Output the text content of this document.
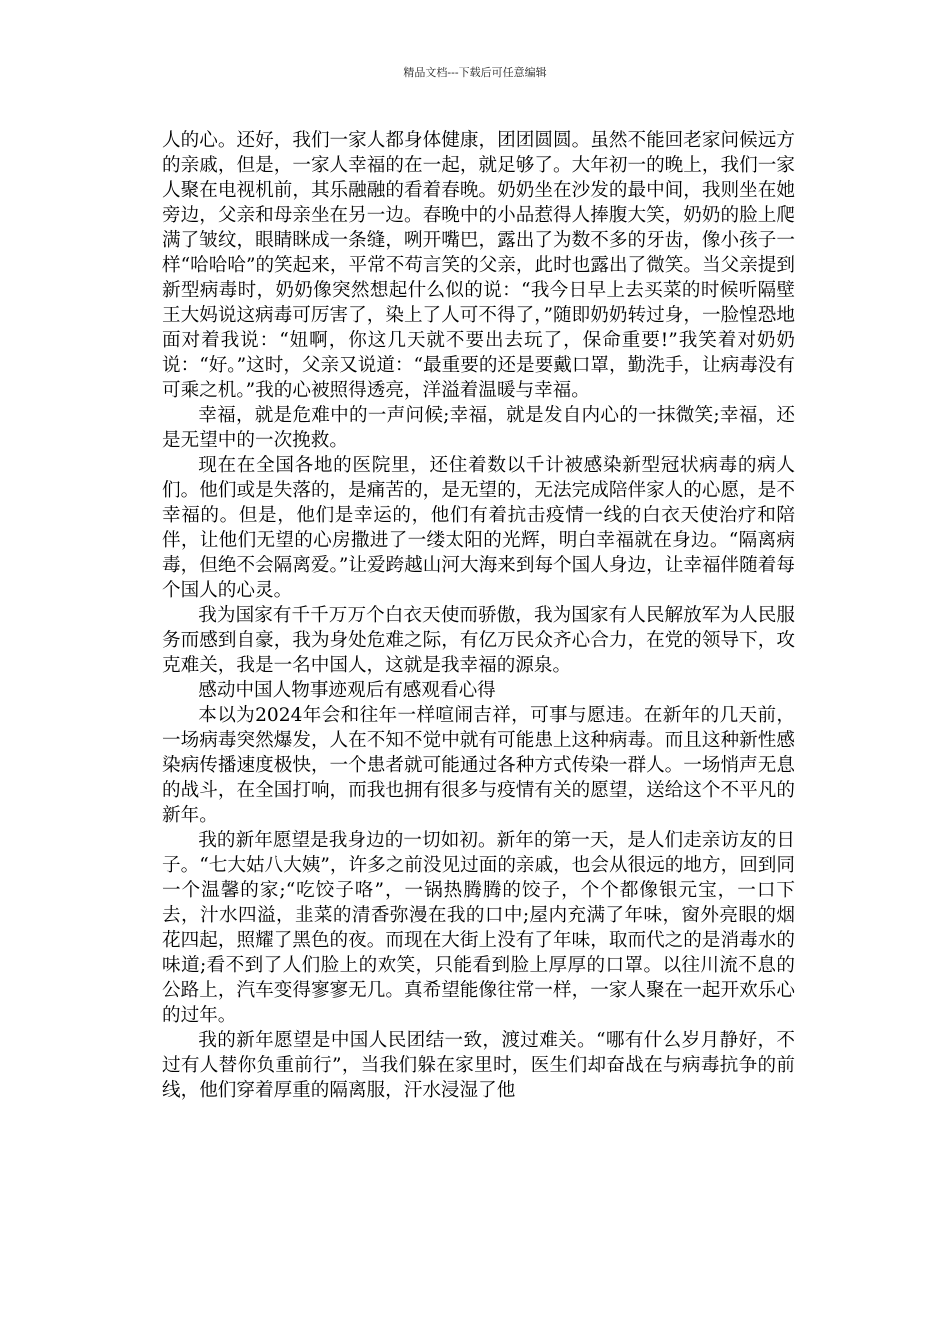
精品文档---下载后可任意编辑

人的心。还好，我们一家人都身体健康，团团圆圆。虽然不能回老家问候远方的亲戚，但是，一家人幸福的在一起，就足够了。大年初一的晚上，我们一家人聚在电视机前，其乐融融的看着春晚。奶奶坐在沙发的最中间，我则坐在她旁边，父亲和母亲坐在另一边。春晚中的小品惹得人捧腹大笑，奶奶的脸上爬满了皱纹，眼睛眯成一条缝，咧开嘴巴，露出了为数不多的牙齿，像小孩子一样“哈哈哈”的笑起来，平常不苟言笑的父亲，此时也露出了微笑。当父亲提到新型病毒时，奶奶像突然想起什么似的说：“我今日早上去买菜的时候听隔壁王大妈说这病毒可厉害了，染上了人可不得了，”随即奶奶转过身，一脸惶恐地面对着我说：“妞啊，你这几天就不要出去玩了，保命重要!”我笑着对奶奶说：“好。”这时，父亲又说道：“最重要的还是要戴口罩，勤洗手，让病毒没有可乘之机。”我的心被照得透亮，洋溢着温暖与幸福。

幸福，就是危难中的一声问候;幸福，就是发自内心的一抹微笑;幸福，还是无望中的一次挽救。

现在在全国各地的医院里，还住着数以千计被感染新型冠状病毒的病人们。他们或是失落的，是痛苦的，是无望的，无法完成陪伴家人的心愿，是不幸福的。但是，他们是幸运的，他们有着抗击疫情一线的白衣天使治疗和陪伴，让他们无望的心房撒进了一缕太阳的光辉，明白幸福就在身边。“隔离病毒，但绝不会隔离爱。”让爱跨越山河大海来到每个国人身边，让幸福伴随着每个国人的心灵。

我为国家有千千万万个白衣天使而骄傲，我为国家有人民解放军为人民服务而感到自豪，我为身处危难之际，有亿万民众齐心合力，在党的领导下，攻克难关，我是一名中国人，这就是我幸福的源泉。

感动中国人物事迹观后有感观看心得

本以为2024年会和往年一样喧闹吉祥，可事与愿违。在新年的几天前，一场病毒突然爆发，人在不知不觉中就有可能患上这种病毒。而且这种新性感染病传播速度极快，一个患者就可能通过各种方式传染一群人。一场悄声无息的战斗，在全国打响，而我也拥有很多与疫情有关的愿望，送给这个不平凡的新年。

我的新年愿望是我身边的一切如初。新年的第一天，是人们走亲访友的日子。“七大姑八大姨”，许多之前没见过面的亲戚，也会从很远的地方，回到同一个温馨的家;“吃饺子咯”，一锅热腾腾的饺子，个个都像银元宝，一口下去，汁水四溢，韭菜的清香弥漫在我的口中;屋内充满了年味，窗外亮眼的烟花四起，照耀了黑色的夜。而现在大街上没有了年味，取而代之的是消毒水的味道;看不到了人们脸上的欢笑，只能看到脸上厚厚的口罩。以往川流不息的公路上，汽车变得寥寥无几。真希望能像往常一样，一家人聚在一起开欢乐心的过年。

我的新年愿望是中国人民团结一致，渡过难关。“哪有什么岁月静好，不过有人替你负重前行”，当我们躲在家里时，医生们却奋战在与病毒抗争的前线，他们穿着厚重的隔离服，汗水浸湿了他
